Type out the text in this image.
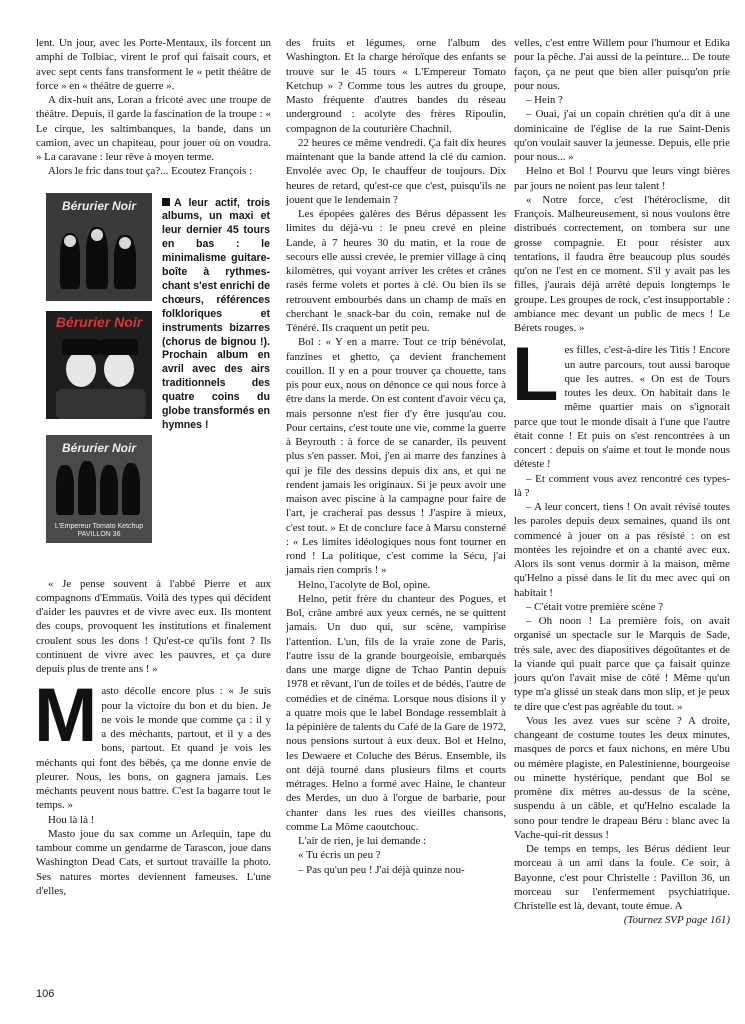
lent. Un jour, avec les Porte-Mentaux, ils forcent un amphi de Tolbiac, virent le prof qui faisait cours, et avec sept cents fans transforment le « petit théâtre de force » en « théâtre de guerre ».

A dix-huit ans, Loran a fricoté avec une troupe de théâtre. Depuis, il garde la fascination de la troupe : « Le cirque, les saltimbanques, la bande, dans un camion, avec un chapiteau, pour jouer où on voudra. » La caravane : leur rêve à moyen terme.

Alors le fric dans tout ça?... Ecoutez François :

Bérurier Noir
Bérurier Noir
Bérurier Noir
L'Empereur Tomato Ketchup PAVILLON 36
A leur actif, trois albums, un maxi et leur dernier 45 tours en bas : le minimalisme guitare-boîte à rythmes-chant s'est enrichi de chœurs, références folkloriques et instruments bizarres (chorus de bignou !). Prochain album en avril avec des airs traditionnels des quatre coins du globe transformés en hymnes !

« Je pense souvent à l'abbé Pierre et aux compagnons d'Emmaüs. Voilà des types qui décident d'aider les pauvres et de vivre avec eux. Ils montent des coups, provoquent les institutions et finalement croulent sous les dons ! Qu'est-ce qu'ils font ? Ils continuent de vivre avec les pauvres, et ça dure depuis plus de trente ans ! »

Masto décolle encore plus : « Je suis pour la victoire du bon et du bien. Je ne vois le monde que comme ça : il y a des méchants, partout, et il y a des bons, partout. Et quand je vois les méchants qui font des bébés, ça me donne envie de pleurer. Nous, les bons, on gagnera jamais. Les méchants peuvent nous battre. C'est la bagarre tout le temps. »

Hou là là !

Masto joue du sax comme un Arlequin, tape du tambour comme un gendarme de Tarascon, joue dans Washington Dead Cats, et surtout travaille la photo. Ses natures mortes deviennent fameuses. L'une d'elles,

des fruits et légumes, orne l'album des Washington. Et la charge héroïque des enfants se trouve sur le 45 tours « L'Empereur Tomato Ketchup » ? Comme tous les autres du groupe, Masto fréquente d'autres bandes du réseau underground : acolyte des frères Ripoulin, compagnon de la couturière Chachnil.

22 heures ce même vendredi. Ça fait dix heures maintenant que la bande attend la clé du camion. Envolée avec Op, le chauffeur de toujours. Dix heures de retard, qu'est-ce que c'est, puisqu'ils ne jouent que le lendemain ?

Les épopées galères des Bérus dépassent les limites du déjà-vu : le pneu crevé en pleine Lande, à 7 heures 30 du matin, et la roue de secours elle aussi crevée, le premier village à cinq kilomètres, qui voyant arriver les crêtes et crânes rasés ferme volets et portes à clé. Ou bien ils se retrouvent embourbés dans un champ de maïs en cherchant le snack-bar du coin, remake nul de Ténéré. Ils craquent un petit peu.

Bol : « Y en a marre. Tout ce trip bénévolat, fanzines et ghetto, ça devient franchement couillon. Il y en a pour trouver ça chouette, tans pis pour eux, nous on dénonce ce qui nous force à être dans la merde. On est content d'avoir vécu ça, mais personne n'est fier d'y être jusqu'au cou. Pour certains, c'est toute une vie, comme la guerre à Beyrouth : à force de se canarder, ils peuvent plus s'en passer. Moi, j'en ai marre des fanzines à qui je file des dessins depuis dix ans, et qui ne rendent jamais les originaux. Si je peux avoir une maison avec piscine à la campagne pour faire de l'art, je cracherai pas dessus ! J'aspire à mieux, c'est tout. » Et de conclure face à Marsu consterné : « Les limites idéologiques nous font tourner en rond ! La politique, c'est comme la Sécu, j'ai jamais rien compris ! »

Helno, l'acolyte de Bol, opine.

Helno, petit frère du chanteur des Pogues, et Bol, crâne ambré aux yeux cernés, ne se quittent jamais. Un duo qui, sur scène, vampirise l'attention. L'un, fils de la vraie zone de Paris, l'autre issu de la grande bourgeoisie, embarqués dans une marge digne de Tchao Pantin depuis 1978 et rêvant, l'un de toiles et de bédés, l'autre de comédies et de cinéma. Lorsque nous disions il y a quatre mois que le label Bondage ressemblait à la pépinière de talents du Café de la Gare de 1972, nous pensions surtout à eux deux. Bol et Helno, les Dewaere et Coluche des Bérus. Ensemble, ils ont déjà tourné dans plusieurs films et courts métrages. Helno a formé avec Haine, le chanteur des Merdes, un duo à l'orgue de barbarie, pour chanter dans les rues des vieilles chansons, comme La Môme caoutchouc.

L'air de rien, je lui demande :

« Tu écris un peu ?

– Pas qu'un peu ! J'ai déjà quinze nou-

velles, c'est entre Willem pour l'humour et Edika pour la pêche. J'ai aussi de la peinture... De toute façon, ça ne peut que bien aller puisqu'on prie pour nous.

– Hein ?

– Ouai, j'ai un copain chrétien qu'a dit à une dominicaine de l'église de la rue Saint-Denis qu'on voulait sauver la jeunesse. Depuis, elle prie pour nous... »

Helno et Bol ! Pourvu que leurs vingt bières par jours ne noient pas leur talent !

« Notre force, c'est l'hétéroclisme, dit François. Malheureusement, si nous voulons être distribués correctement, on tombera sur une grosse compagnie. Et pour résister aux tentations, il faudra être beaucoup plus soudés qu'on ne l'est en ce moment. S'il y avait pas les filles, j'aurais déjà arrêté depuis longtemps le groupe. Les groupes de rock, c'est insupportable : ambiance mec devant un public de mecs ! Le Bérets rouges. »

Les filles, c'est-à-dire les Titis ! Encore un autre parcours, tout aussi baroque que les autres. « On est de Tours toutes les deux. On habitait dans le même quartier mais on s'ignorait parce que tout le monde disait à l'une que l'autre était conne ! Et puis on s'est rencontrées à un concert : depuis on s'aime et tout le monde nous déteste !

– Et comment vous avez rencontré ces types-là ?

– A leur concert, tiens ! On avait révisé toutes les paroles depuis deux semaines, quand ils ont commencé à jouer on a pas résisté : on est montées les rejoindre et on a chanté avec eux. Alors ils sont venus dormir à la maison, même qu'Helno a pissé dans le lit du mec avec qui on habitait !

– C'était votre première scène ?

– Oh noon ! La première fois, on avait organisé un spectacle sur le Marquis de Sade, très sale, avec des diapositives dégoûtantes et de la viande qui puait parce que ça faisait quinze jours qu'on l'avait mise de côté ! Même qu'un type m'a glissé un steak dans mon slip, et je peux te dire que c'est pas agréable du tout. »

Vous les avez vues sur scène ? A droite, changeant de costume toutes les deux minutes, masques de porcs et faux nichons, en mère Ubu ou mémère plagiste, en Palestinienne, bourgeoise ou minette hystérique, pendant que Bol se promène dix mètres au-dessus de la scène, suspendu à un câble, et qu'Helno escalade la sono pour tendre le drapeau Béru : blanc avec la Vache-qui-rit dessus !

De temps en temps, les Bérus dédient leur morceau à un ami dans la foule. Ce soir, à Bayonne, c'est pour Christelle : Pavillon 36, un morceau sur l'enfermement psychiatrique. Christelle est là, devant, toute émue. A

(Tournez SVP page 161)

106
